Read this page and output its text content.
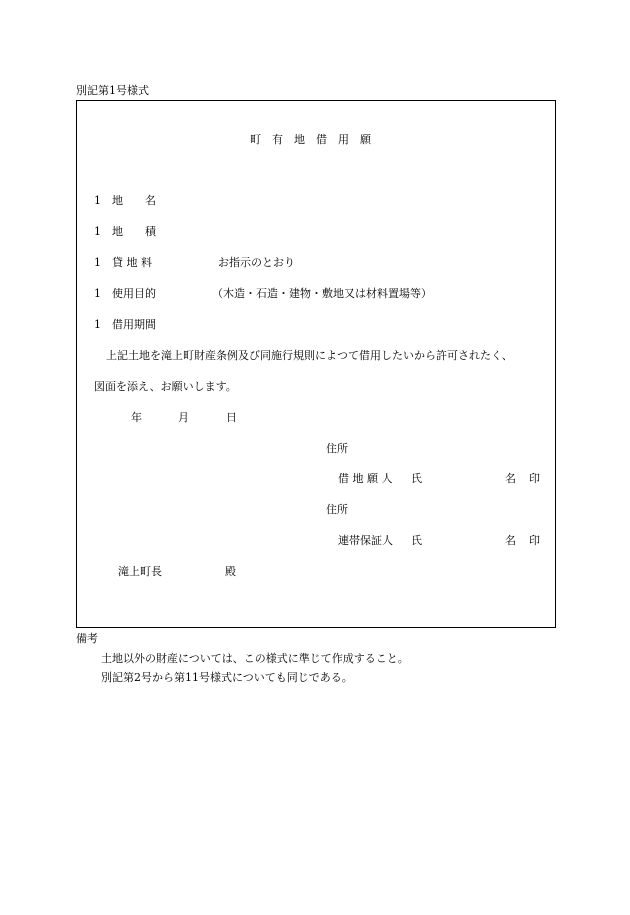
別記第1号様式
町　有　地　借　用　願
1 地　　名
1 地　　積
1 貸 地 料	お指示のとおり
1 使用目的	（木造・石造・建物・敷地又は材料置場等）
1 借用期間
上記土地を滝上町財産条例及び同施行規則によつて借用したいから許可されたく、
図面を添え、お願いします。
年	月	日
住所
借 地 願 人 氏	名 印
住所
連帯保証人 氏	名 印
滝上町長	殿
備考
土地以外の財産については、この様式に準じて作成すること。
別記第2号から第11号様式についても同じである。
